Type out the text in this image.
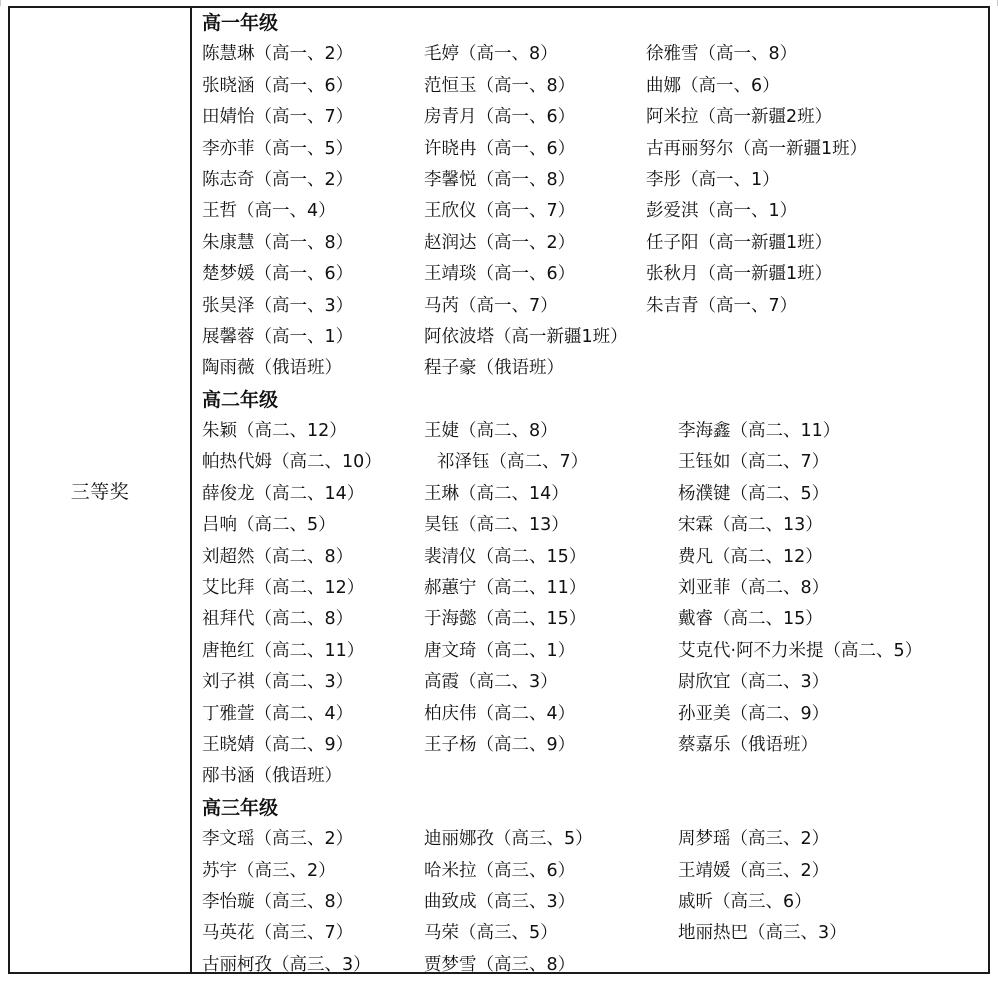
三等奖
高一年级
陈慧琳（高一、2）	毛婷（高一、8）	徐雅雪（高一、8）
张晓涵（高一、6）	范恒玉（高一、8）	曲娜（高一、6）
田婧怡（高一、7）	房青月（高一、6）	阿米拉（高一新疆2班）
李亦菲（高一、5）	许晓冉（高一、6）	古再丽努尔（高一新疆1班）
陈志奇（高一、2）	李馨悦（高一、8）	李彤（高一、1）
王哲（高一、4）	王欣仪（高一、7）	彭爱淇（高一、1）
朱康慧（高一、8）	赵润达（高一、2）	任子阳（高一新疆1班）
楚梦媛（高一、6）	王靖琰（高一、6）	张秋月（高一新疆1班）
张昊泽（高一、3）	马芮（高一、7）	朱吉青（高一、7）
展馨蓉（高一、1）	阿依波塔（高一新疆1班）
陶雨薇（俄语班）	程子豪（俄语班）
高二年级
朱颖（高二、12）	王婕（高二、8）	李海鑫（高二、11）
帕热代姆（高二、10）	祁泽钰（高二、7）	王钰如（高二、7）
薛俊龙（高二、14）	王琳（高二、14）	杨濮键（高二、5）
吕响（高二、5）	昊钰（高二、13）	宋霖（高二、13）
刘超然（高二、8）	裴清仪（高二、15）	费凡（高二、12）
艾比拜（高二、12）	郝蕙宁（高二、11）	刘亚菲（高二、8）
祖拜代（高二、8）	于海懿（高二、15）	戴睿（高二、15）
唐艳红（高二、11）	唐文琦（高二、1）	艾克代·阿不力米提（高二、5）
刘子祺（高二、3）	高霞（高二、3）	尉欣宜（高二、3）
丁雅萱（高二、4）	柏庆伟（高二、4）	孙亚美（高二、9）
王晓婧（高二、9）	王子杨（高二、9）	蔡嘉乐（俄语班）
邴书涵（俄语班）
高三年级
李文瑶（高三、2）	迪丽娜孜（高三、5）	周梦瑶（高三、2）
苏宇（高三、2）	哈米拉（高三、6）	王靖媛（高三、2）
李怡璇（高三、8）	曲致成（高三、3）	戚昕（高三、6）
马英花（高三、7）	马荣（高三、5）	地丽热巴（高三、3）
古丽柯孜（高三、3）	贾梦雪（高三、8）
